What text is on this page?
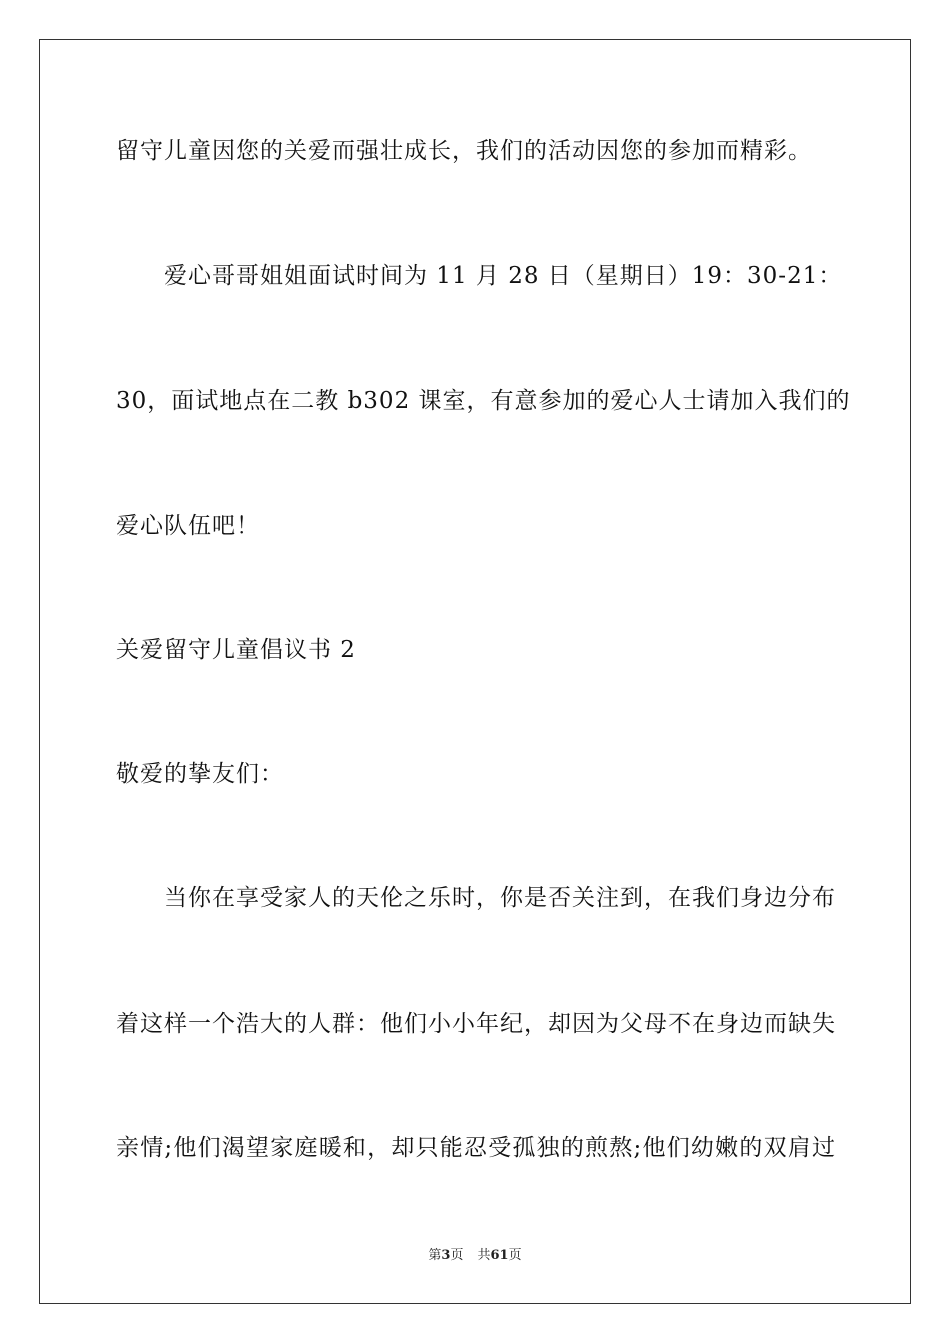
留守儿童因您的关爱而强壮成长，我们的活动因您的参加而精彩。
爱心哥哥姐姐面试时间为 11 月 28 日（星期日）19：30-21：
30，面试地点在二教 b302 课室，有意参加的爱心人士请加入我们的
爱心队伍吧！
关爱留守儿童倡议书 2
敬爱的挚友们：
当你在享受家人的天伦之乐时，你是否关注到，在我们身边分布
着这样一个浩大的人群：他们小小年纪，却因为父母不在身边而缺失
亲情;他们渴望家庭暖和，却只能忍受孤独的煎熬;他们幼嫩的双肩过
第3页 共61页
